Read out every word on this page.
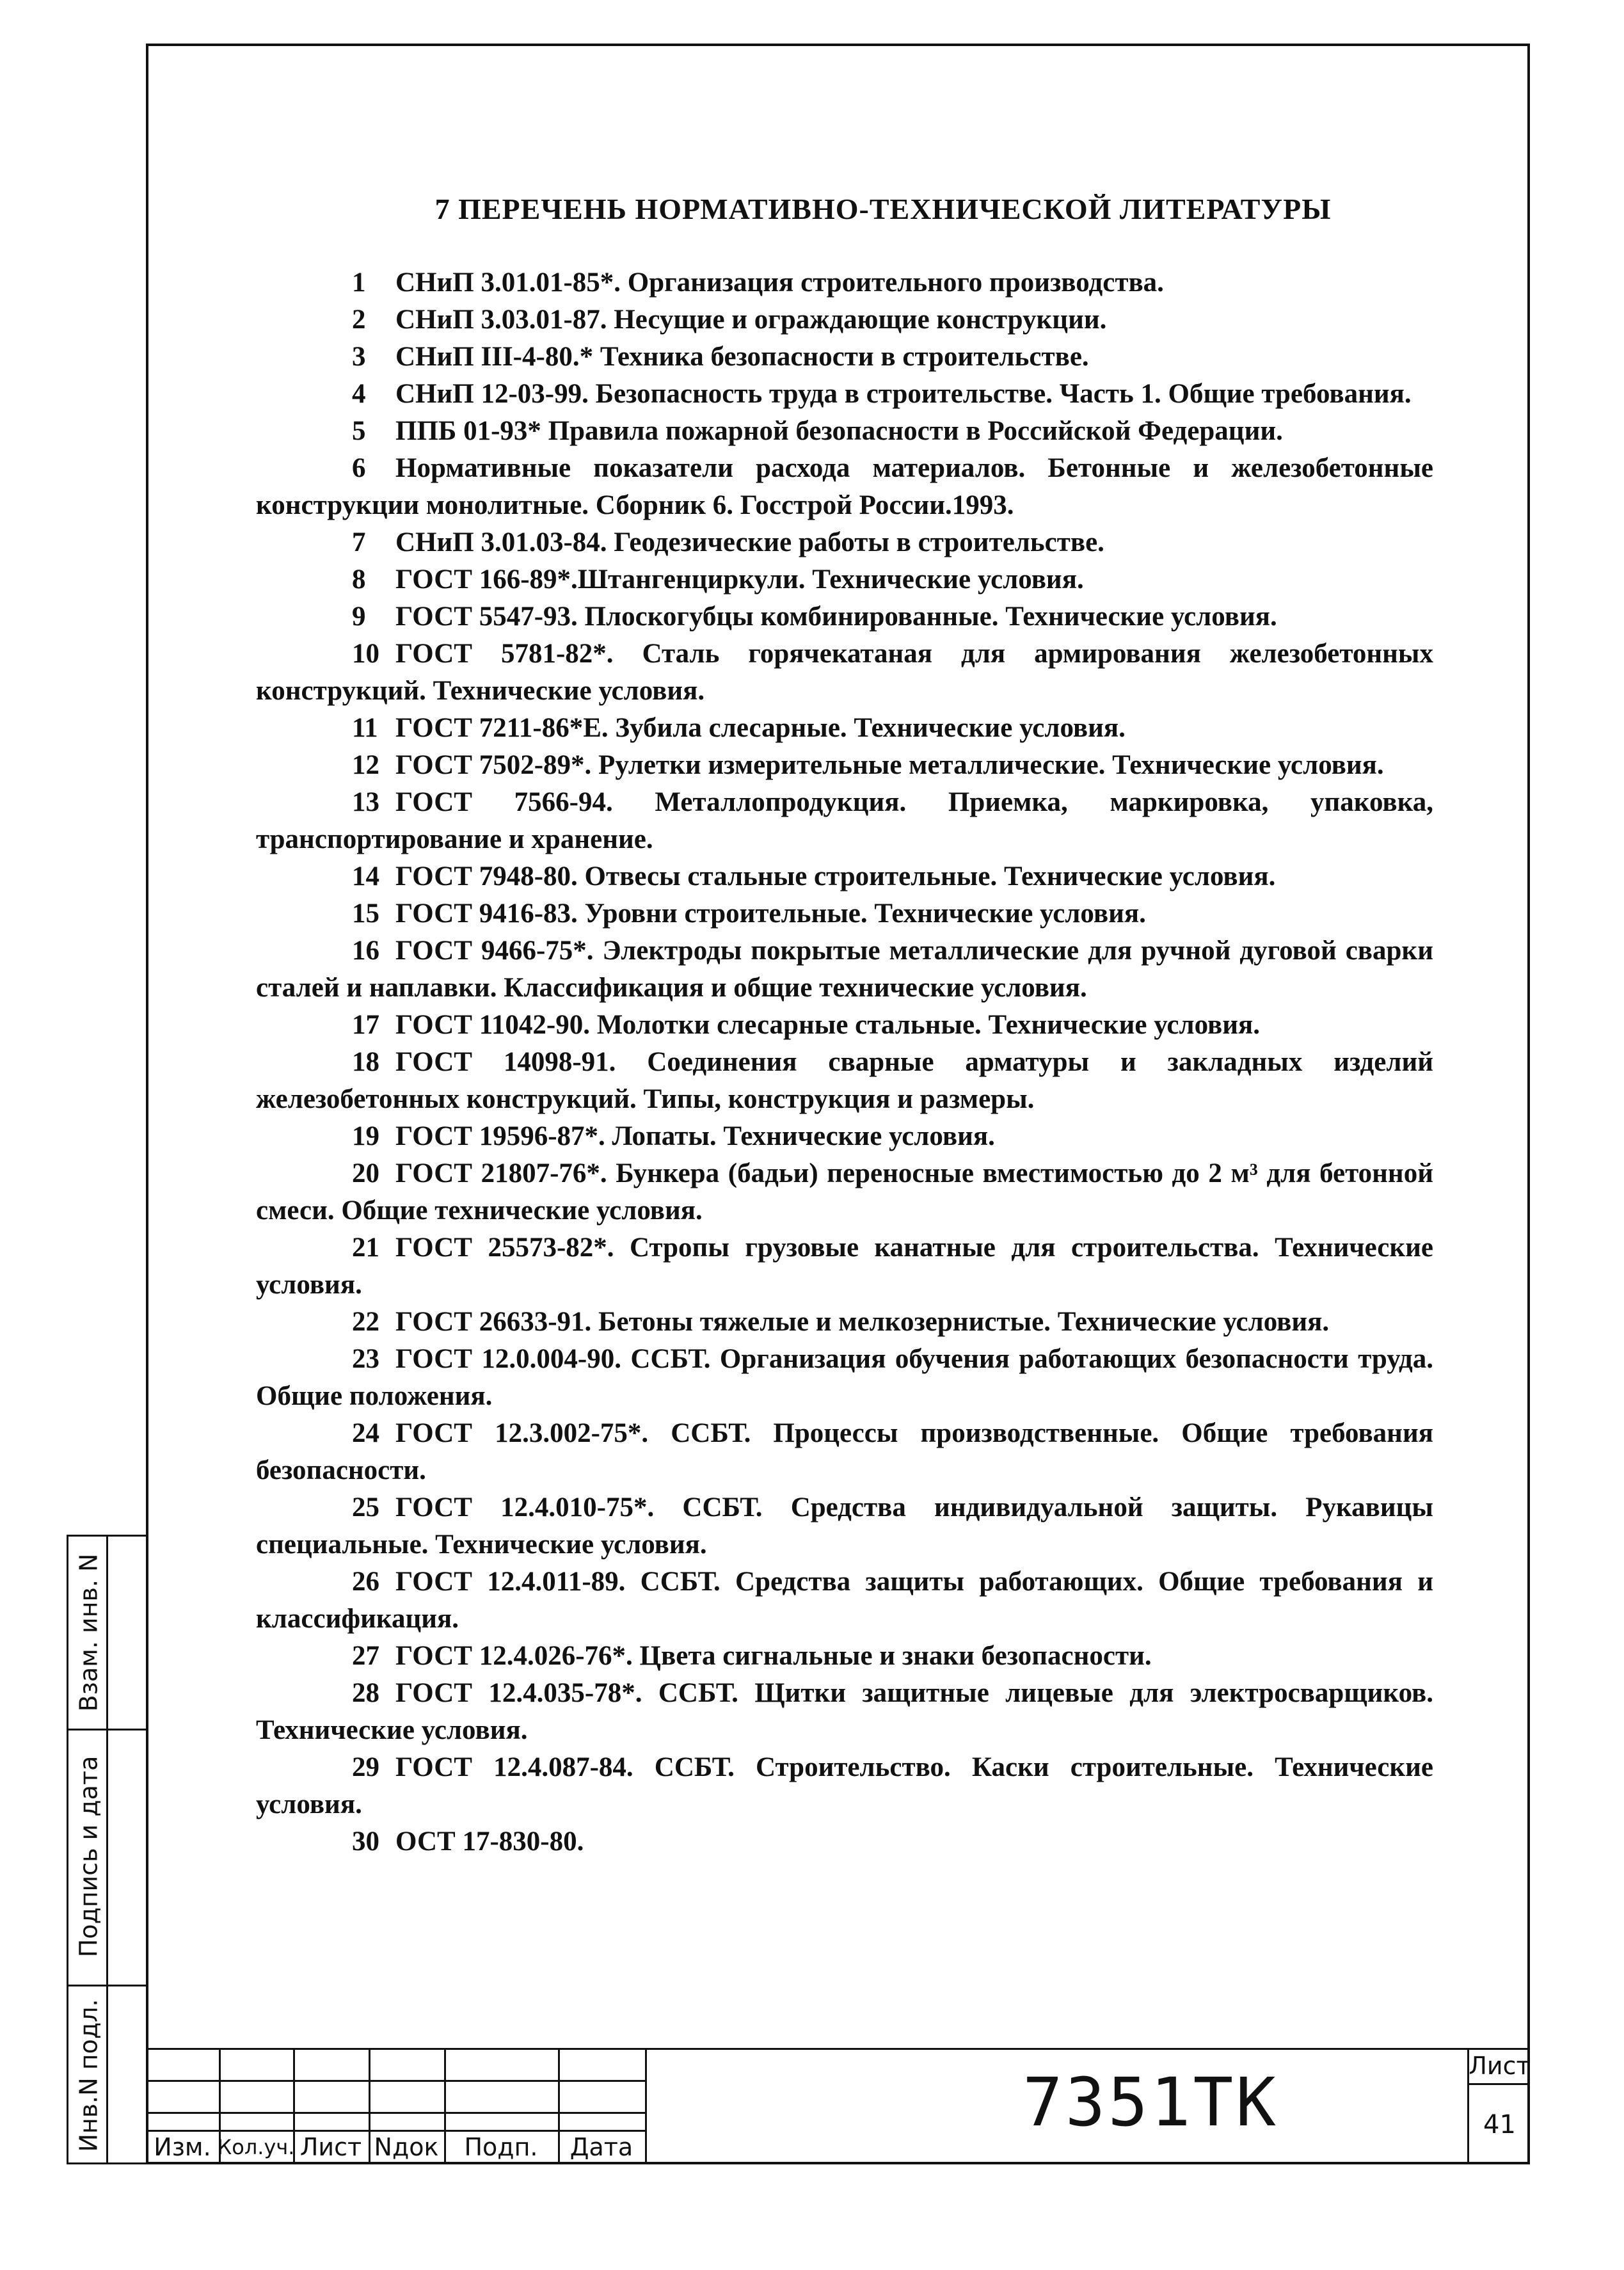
7 ПЕРЕЧЕНЬ НОРМАТИВНО-ТЕХНИЧЕСКОЙ ЛИТЕРАТУРЫ

1 СНиП 3.01.01-85*. Организация строительного производства.

2 СНиП 3.03.01-87. Несущие и ограждающие конструкции.

3 СНиП III-4-80.* Техника безопасности в строительстве.

4 СНиП 12-03-99. Безопасность труда в строительстве. Часть 1. Общие требования.

5 ППБ 01-93* Правила пожарной безопасности в Российской Федерации.

6 Нормативные показатели расхода материалов. Бетонные и железобетонные конструкции монолитные. Сборник 6. Госстрой России.1993.

7 СНиП 3.01.03-84. Геодезические работы в строительстве.

8 ГОСТ 166-89*.Штангенциркули. Технические условия.

9 ГОСТ 5547-93. Плоскогубцы комбинированные. Технические условия.

10 ГОСТ 5781-82*. Сталь горячекатаная для армирования железобетонных конструкций. Технические условия.

11 ГОСТ 7211-86*Е. Зубила слесарные. Технические условия.

12 ГОСТ 7502-89*. Рулетки измерительные металлические. Технические условия.

13 ГОСТ 7566-94. Металлопродукция. Приемка, маркировка, упаковка, транспортирование и хранение.

14 ГОСТ 7948-80. Отвесы стальные строительные. Технические условия.

15 ГОСТ 9416-83. Уровни строительные. Технические условия.

16 ГОСТ 9466-75*. Электроды покрытые металлические для ручной дуговой сварки сталей и наплавки. Классификация и общие технические условия.

17 ГОСТ 11042-90. Молотки слесарные стальные. Технические условия.

18 ГОСТ 14098-91. Соединения сварные арматуры и закладных изделий железобетонных конструкций. Типы, конструкция и размеры.

19 ГОСТ 19596-87*. Лопаты. Технические условия.

20 ГОСТ 21807-76*. Бункера (бадьи) переносные вместимостью до 2 м³ для бетонной смеси. Общие технические условия.

21 ГОСТ 25573-82*. Стропы грузовые канатные для строительства. Технические условия.

22 ГОСТ 26633-91. Бетоны тяжелые и мелкозернистые. Технические условия.

23 ГОСТ 12.0.004-90. ССБТ. Организация обучения работающих безопасности труда. Общие положения.

24 ГОСТ 12.3.002-75*. ССБТ. Процессы производственные. Общие требования безопасности.

25 ГОСТ 12.4.010-75*. ССБТ. Средства индивидуальной защиты. Рукавицы специальные. Технические условия.

26 ГОСТ 12.4.011-89. ССБТ. Средства защиты работающих. Общие требования и классификация.

27 ГОСТ 12.4.026-76*. Цвета сигнальные и знаки безопасности.

28 ГОСТ 12.4.035-78*. ССБТ. Щитки защитные лицевые для электросварщиков. Технические условия.

29 ГОСТ 12.4.087-84. ССБТ. Строительство. Каски строительные. Технические условия.

30 ОСТ 17-830-80.

Взам. инв. N
Подпись и дата
Инв.N подл.	Изм. Кол.уч. Лист Nдок	Подп.	Дата
7351ТК	Лист
41
